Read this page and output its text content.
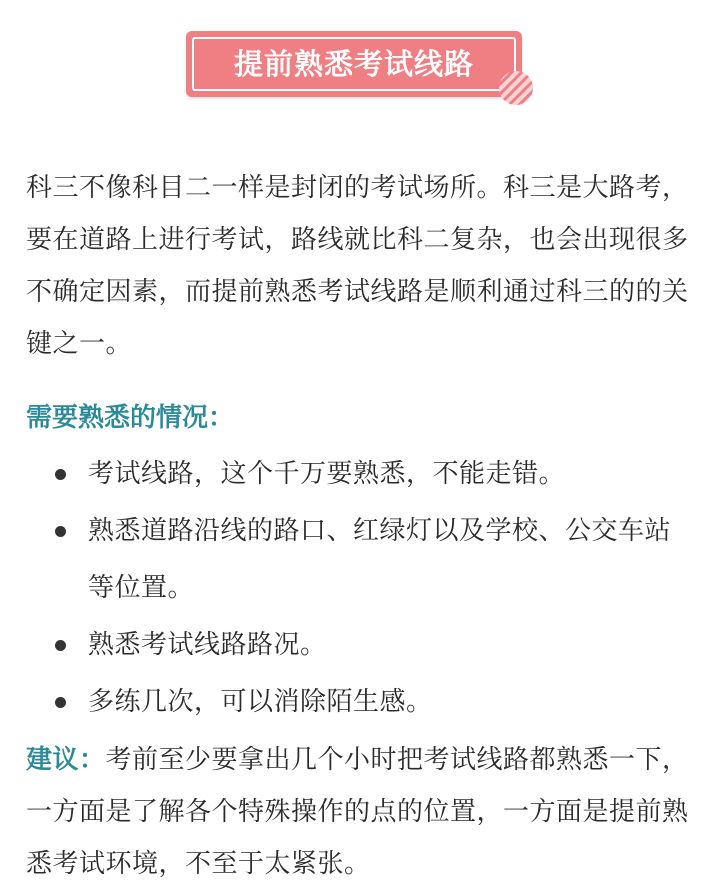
提前熟悉考试线路

科三不像科目二一样是封闭的考试场所。科三是大路考，要在道路上进行考试，路线就比科二复杂，也会出现很多不确定因素，而提前熟悉考试线路是顺利通过科三的的关键之一。

需要熟悉的情况：
考试线路，这个千万要熟悉，不能走错。
熟悉道路沿线的路口、红绿灯以及学校、公交车站等位置。
熟悉考试线路路况。
多练几次，可以消除陌生感。

建议：考前至少要拿出几个小时把考试线路都熟悉一下，一方面是了解各个特殊操作的点的位置，一方面是提前熟悉考试环境，不至于太紧张。
